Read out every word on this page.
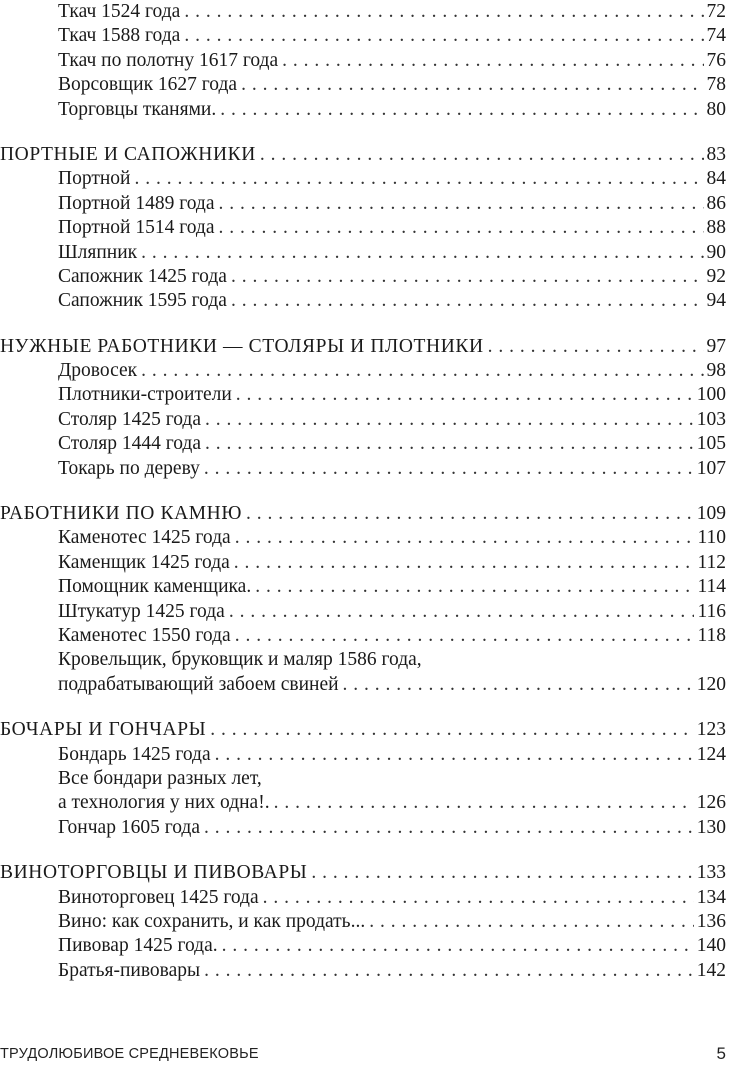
Ткач 1524 года . . .	72
Ткач 1588 года . . .	74
Ткач по полотну 1617 года . . .	76
Ворсовщик 1627 года . . .	78
Торговцы тканями. . . .	80
ПОРТНЫЕ И САПОЖНИКИ . . .	83
Портной . . .	84
Портной 1489 года . . .	86
Портной 1514 года . . .	88
Шляпник . . .	90
Сапожник 1425 года . . .	92
Сапожник 1595 года . . .	94
НУЖНЫЕ РАБОТНИКИ — СТОЛЯРЫ И ПЛОТНИКИ . . .	97
Дровосек . . .	98
Плотники-строители . . .	100
Столяр 1425 года . . .	103
Столяр 1444 года . . .	105
Токарь по дереву . . .	107
РАБОТНИКИ ПО КАМНЮ . . .	109
Каменотес 1425 года . . .	110
Каменщик 1425 года . . .	112
Помощник каменщика. . . .	114
Штукатур 1425 года . . .	116
Каменотес 1550 года . . .	118
Кровельщик, бруковщик и маляр 1586 года,
подрабатывающий забоем свиней . . .	120
БОЧАРЫ И ГОНЧАРЫ . . .	123
Бондарь 1425 года . . .	124
Все бондари разных лет,
а технология у них одна!. . . .	126
Гончар 1605 года . . .	130
ВИНОТОРГОВЦЫ И ПИВОВАРЫ . . .	133
Виноторговец 1425 года . . .	134
Вино: как сохранить, и как продать... . . .	136
Пивовар 1425 года. . . .	140
Братья-пивовары . . .	142
ТРУДОЛЮБИВОЕ СРЕДНЕВЕКОВЬЕ	5
